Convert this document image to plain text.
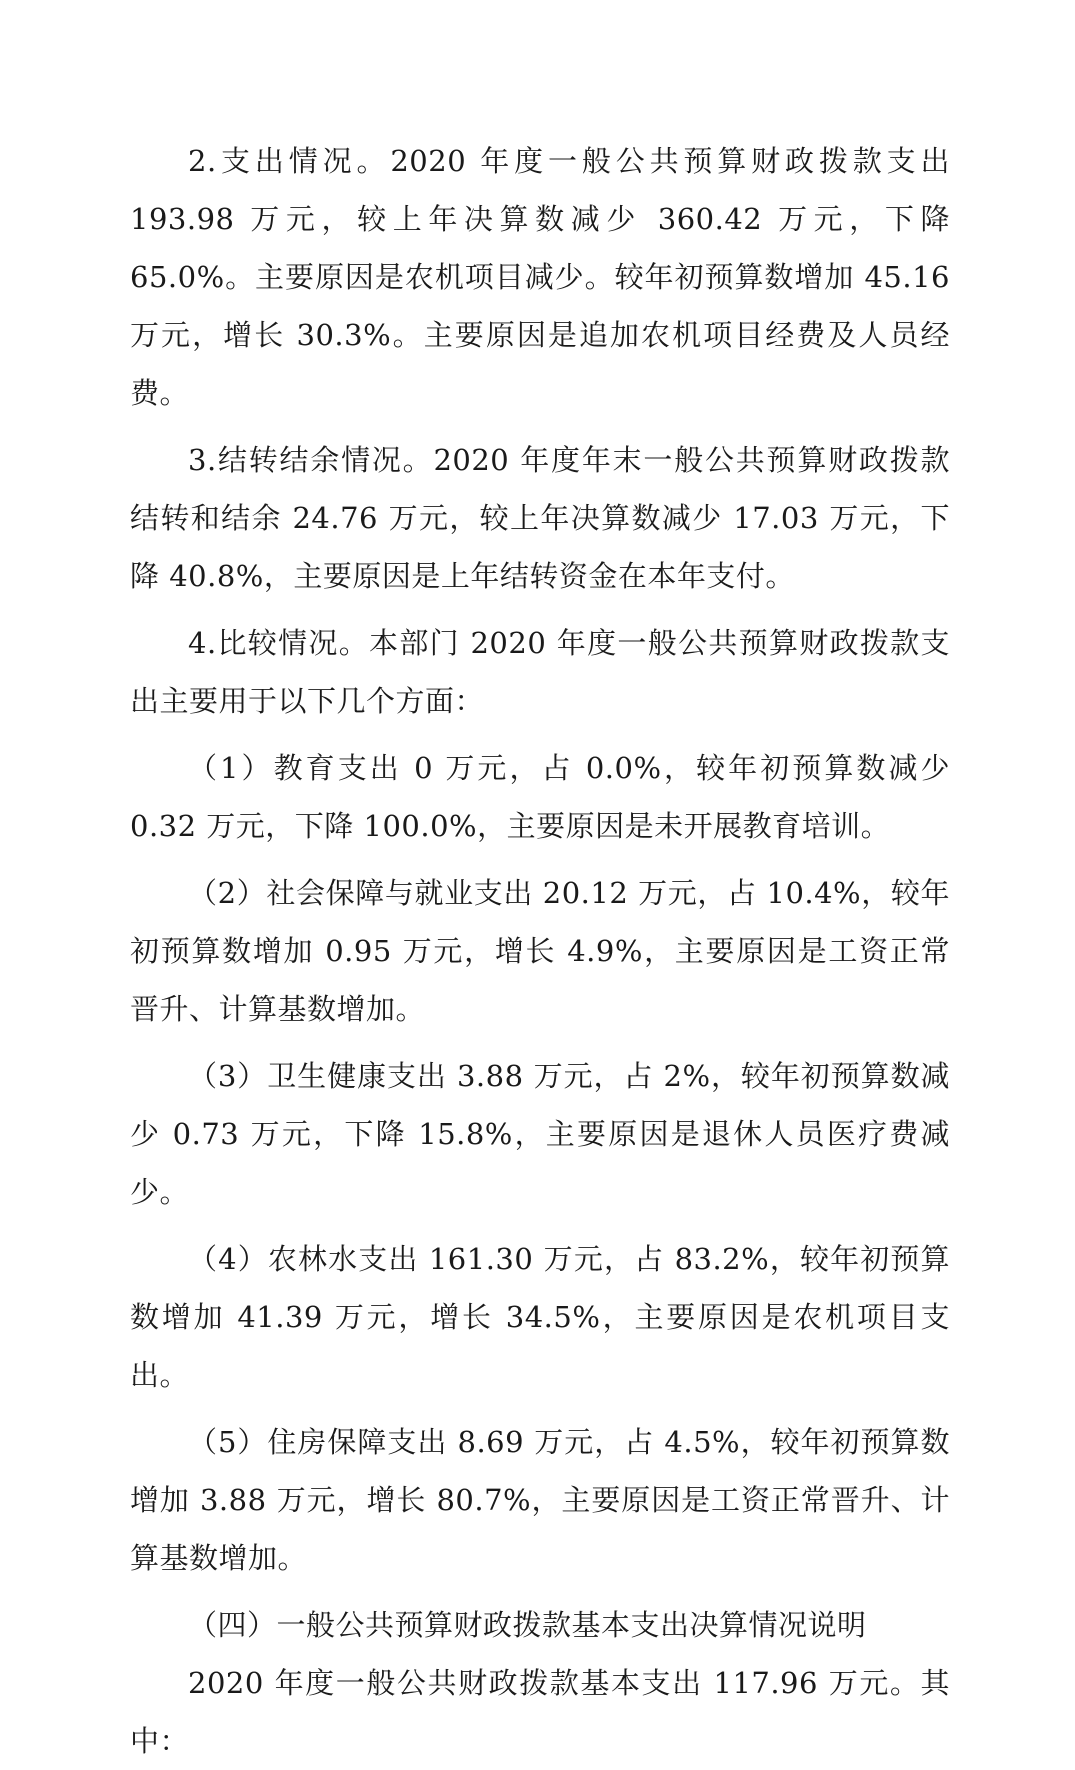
2.支出情况。2020 年度一般公共预算财政拨款支出 193.98 万元，较上年决算数减少 360.42 万元，下降 65.0%。主要原因是农机项目减少。较年初预算数增加 45.16 万元，增长 30.3%。主要原因是追加农机项目经费及人员经费。

3.结转结余情况。2020 年度年末一般公共预算财政拨款结转和结余 24.76 万元，较上年决算数减少 17.03 万元，下降 40.8%，主要原因是上年结转资金在本年支付。

4.比较情况。本部门 2020 年度一般公共预算财政拨款支出主要用于以下几个方面：

（1）教育支出 0 万元，占 0.0%，较年初预算数减少 0.32 万元，下降 100.0%，主要原因是未开展教育培训。

（2）社会保障与就业支出 20.12 万元，占 10.4%，较年初预算数增加 0.95 万元，增长 4.9%，主要原因是工资正常晋升、计算基数增加。

（3）卫生健康支出 3.88 万元，占 2%，较年初预算数减少 0.73 万元，下降 15.8%，主要原因是退休人员医疗费减少。

（4）农林水支出 161.30 万元，占 83.2%，较年初预算数增加 41.39 万元，增长 34.5%，主要原因是农机项目支出。

（5）住房保障支出 8.69 万元，占 4.5%，较年初预算数增加 3.88 万元，增长 80.7%，主要原因是工资正常晋升、计算基数增加。

（四）一般公共预算财政拨款基本支出决算情况说明

2020 年度一般公共财政拨款基本支出 117.96 万元。其中：
